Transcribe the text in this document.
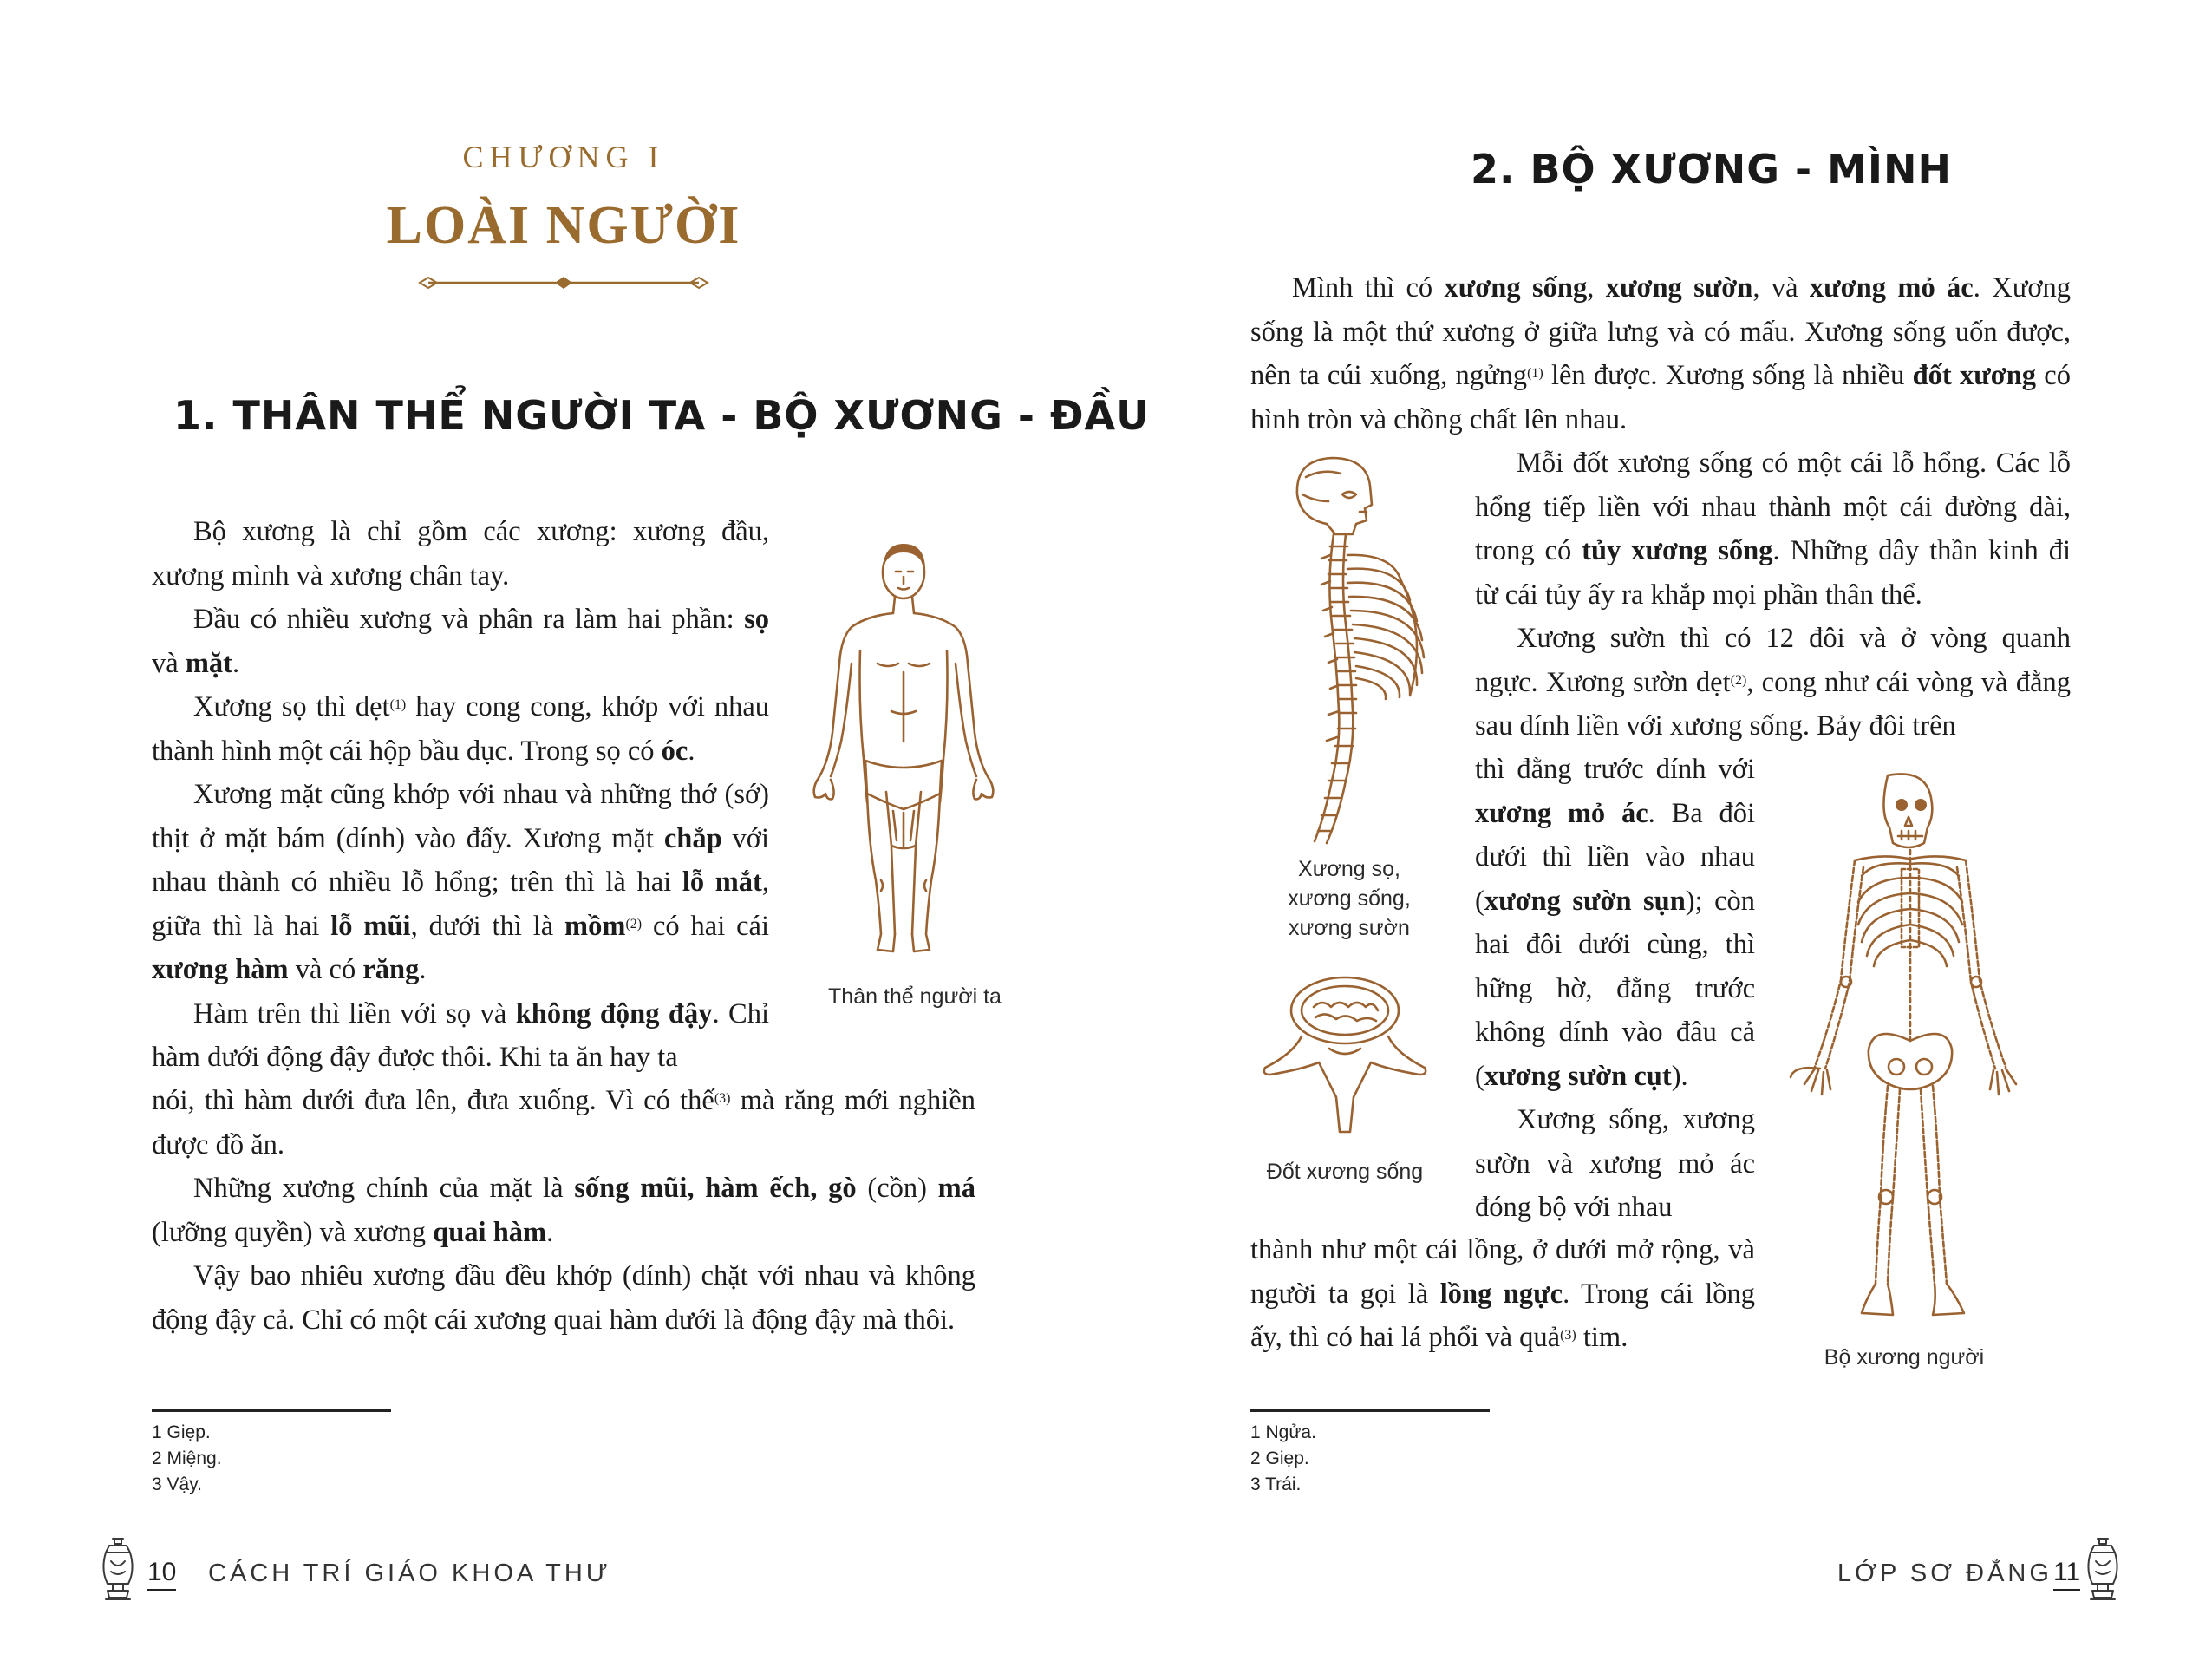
CHƯƠNG I
LOÀI NGƯỜI
1. THÂN THỂ NGƯỜI TA - BỘ XƯƠNG - ĐẦU

Bộ xương là chỉ gồm các xương: xương đầu, xương mình và xương chân tay.

Đầu có nhiều xương và phân ra làm hai phần: sọ và mặt.

Xương sọ thì dẹt$^{(1)}$ hay cong cong, khớp với nhau thành hình một cái hộp bầu dục. Trong sọ có óc.

Xương mặt cũng khớp với nhau và những thớ (sớ) thịt ở mặt bám (dính) vào đấy. Xương mặt chắp với nhau thành có nhiều lỗ hổng; trên thì là hai lỗ mắt, giữa thì là hai lỗ mũi, dưới thì là mồm$^{(2)}$ có hai cái xương hàm và có răng.

Hàm trên thì liền với sọ và không động đậy. Chỉ hàm dưới động đậy được thôi. Khi ta ăn hay ta

nói, thì hàm dưới đưa lên, đưa xuống. Vì có thế$^{(3)}$ mà răng mới nghiền được đồ ăn.

Những xương chính của mặt là sống mũi, hàm ếch, gò (cồn) má (lưỡng quyền) và xương quai hàm.

Vậy bao nhiêu xương đầu đều khớp (dính) chặt với nhau và không động đậy cả. Chỉ có một cái xương quai hàm dưới là động đậy mà thôi.

Thân thể người ta
1 Giẹp.
2 Miệng.
3 Vậy.
10 CÁCH TRÍ GIÁO KHOA THƯ
2. BỘ XƯƠNG - MÌNH

Mình thì có xương sống, xương sườn, và xương mỏ ác. Xương sống là một thứ xương ở giữa lưng và có mấu. Xương sống uốn được, nên ta cúi xuống, ngửng$^{(1)}$ lên được. Xương sống là nhiều đốt xương có hình tròn và chồng chất lên nhau.

Mỗi đốt xương sống có một cái lỗ hổng. Các lỗ hổng tiếp liền với nhau thành một cái đường dài, trong có tủy xương sống. Những dây thần kinh đi từ cái tủy ấy ra khắp mọi phần thân thể.

Xương sườn thì có 12 đôi và ở vòng quanh ngực. Xương sườn dẹt$^{(2)}$, cong như cái vòng và đằng sau dính liền với xương sống. Bảy đôi trên

thì đằng trước dính với xương mỏ ác. Ba đôi dưới thì liền vào nhau (xương sườn sụn); còn hai đôi dưới cùng, thì hững hờ, đằng trước không dính vào đâu cả (xương sườn cụt).

Xương sống, xương sườn và xương mỏ ác đóng bộ với nhau

thành như một cái lồng, ở dưới mở rộng, và người ta gọi là lồng ngực. Trong cái lồng ấy, thì có hai lá phổi và quả$^{(3)}$ tim.

Xương sọ,
xương sống,
xương sườn
Đốt xương sống
Bộ xương người
1 Ngửa.
2 Giẹp.
3 Trái.
LỚP SƠ ĐẲNG 11
